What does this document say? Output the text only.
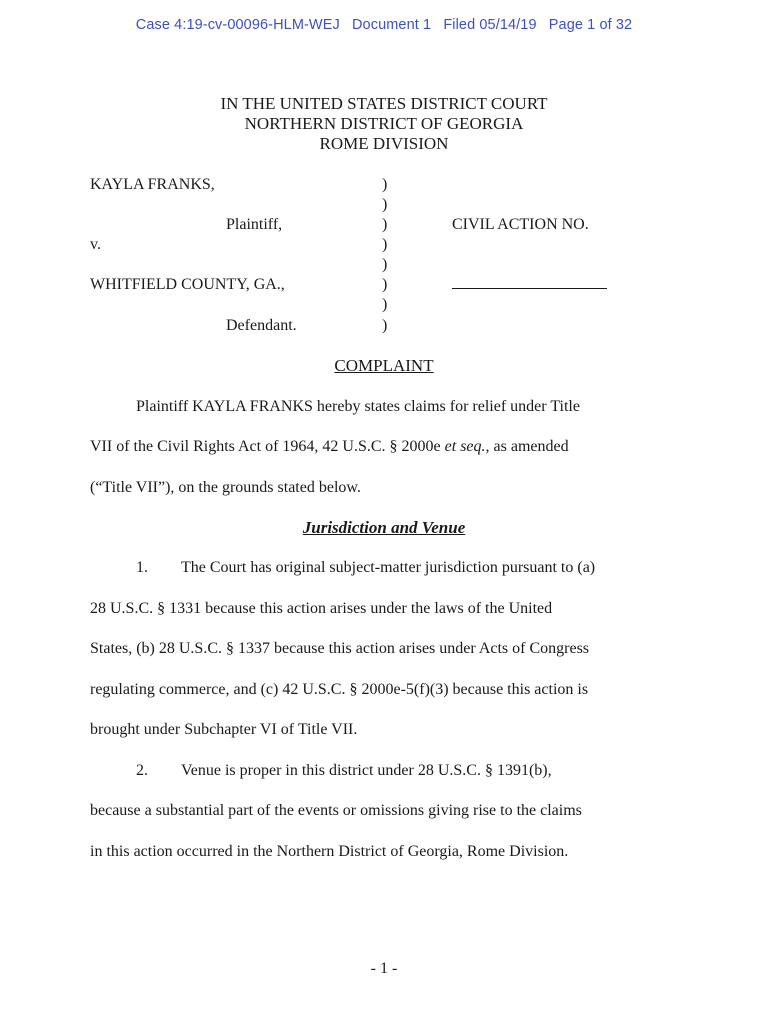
Case 4:19-cv-00096-HLM-WEJ Document 1 Filed 05/14/19 Page 1 of 32
IN THE UNITED STATES DISTRICT COURT
NORTHERN DISTRICT OF GEORGIA
ROME DIVISION
KAYLA FRANKS,
Plaintiff,
v.
WHITFIELD COUNTY, GA.,
Defendant.
)
)
)
)
)
)
)
)
CIVIL ACTION NO.
COMPLAINT
Plaintiff KAYLA FRANKS hereby states claims for relief under Title
VII of the Civil Rights Act of 1964, 42 U.S.C. § 2000e et seq., as amended
(“Title VII”), on the grounds stated below.
Jurisdiction and Venue
1. The Court has original subject-matter jurisdiction pursuant to (a)
28 U.S.C. § 1331 because this action arises under the laws of the United
States, (b) 28 U.S.C. § 1337 because this action arises under Acts of Congress
regulating commerce, and (c) 42 U.S.C. § 2000e-5(f)(3) because this action is
brought under Subchapter VI of Title VII.
2. Venue is proper in this district under 28 U.S.C. § 1391(b),
because a substantial part of the events or omissions giving rise to the claims
in this action occurred in the Northern District of Georgia, Rome Division.
- 1 -
